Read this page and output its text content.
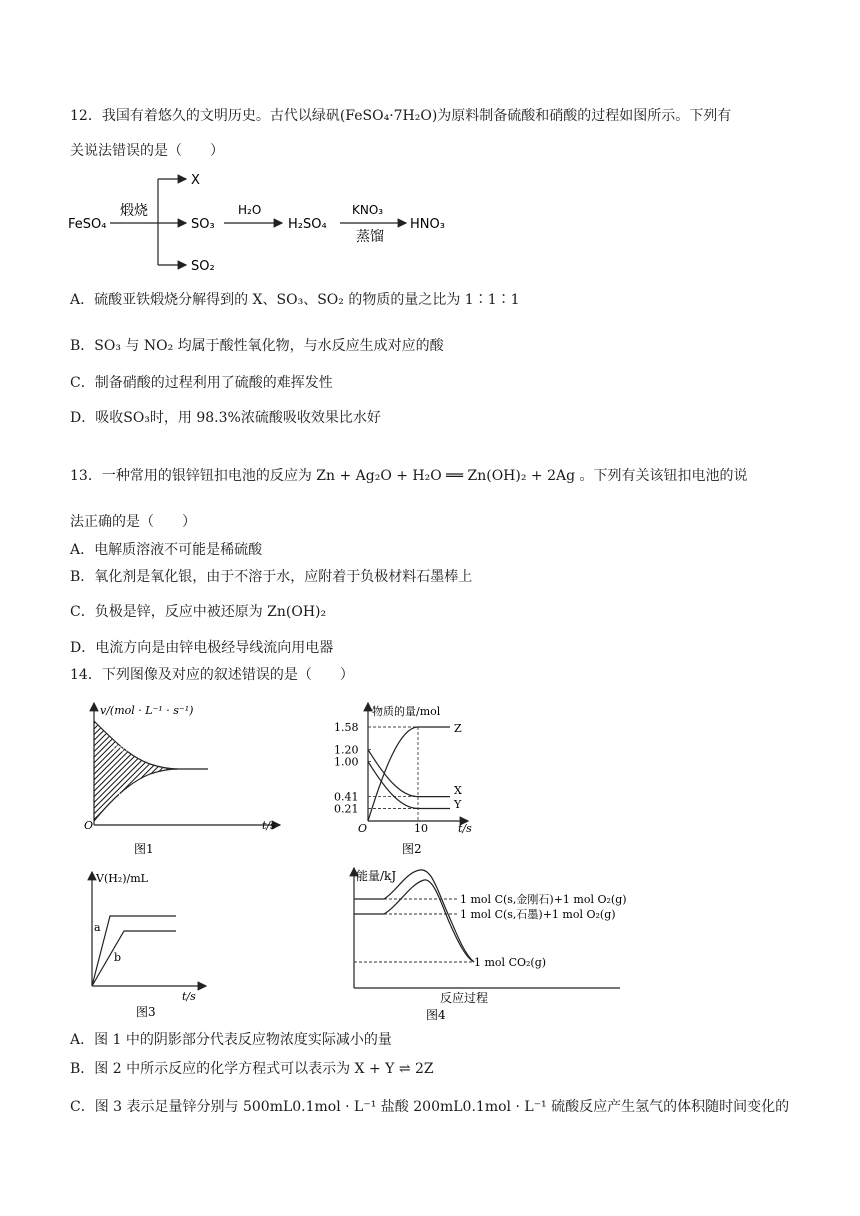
12．我国有着悠久的文明历史。古代以绿矾(FeSO₄·7H₂O)为原料制备硫酸和硝酸的过程如图所示。下列有
关说法错误的是（　　）
FeSO₄
煅烧
X
SO₃
SO₂
H₂O
H₂SO₄
KNO₃
蒸馏
HNO₃
A．硫酸亚铁煅烧分解得到的 X、SO₃、SO₂ 的物质的量之比为 1∶1∶1
B．SO₃ 与 NO₂ 均属于酸性氧化物，与水反应生成对应的酸
C．制备硝酸的过程利用了硫酸的难挥发性
D．吸收SO₃时，用 98.3%浓硫酸吸收效果比水好
13．一种常用的银锌钮扣电池的反应为 Zn + Ag₂O + H₂O ══ Zn(OH)₂ + 2Ag 。下列有关该钮扣电池的说
法正确的是（　　）
A．电解质溶液不可能是稀硫酸
B．氧化剂是氧化银，由于不溶于水，应附着于负极材料石墨棒上
C．负极是锌，反应中被还原为 Zn(OH)₂
D．电流方向是由锌电极经导线流向用电器
14．下列图像及对应的叙述错误的是（　　）
v/(mol · L⁻¹ · s⁻¹)
v正
v逆
O	t/s
图1
物质的量/mol
1.58
1.20
1.00
0.41
0.21
10
O	t/s
Z
X
Y
图2
V(H₂)/mL
a
b
t/s
图3
能量/kJ
1 mol C(s,金刚石)+1 mol O₂(g)
1 mol C(s,石墨)+1 mol O₂(g)
1 mol CO₂(g)
反应过程
图4
A．图 1 中的阴影部分代表反应物浓度实际减小的量
B．图 2 中所示反应的化学方程式可以表示为 X + Y ⇌ 2Z
C．图 3 表示足量锌分别与 500mL0.1mol · L⁻¹ 盐酸 200mL0.1mol · L⁻¹ 硫酸反应产生氢气的体积随时间变化的
